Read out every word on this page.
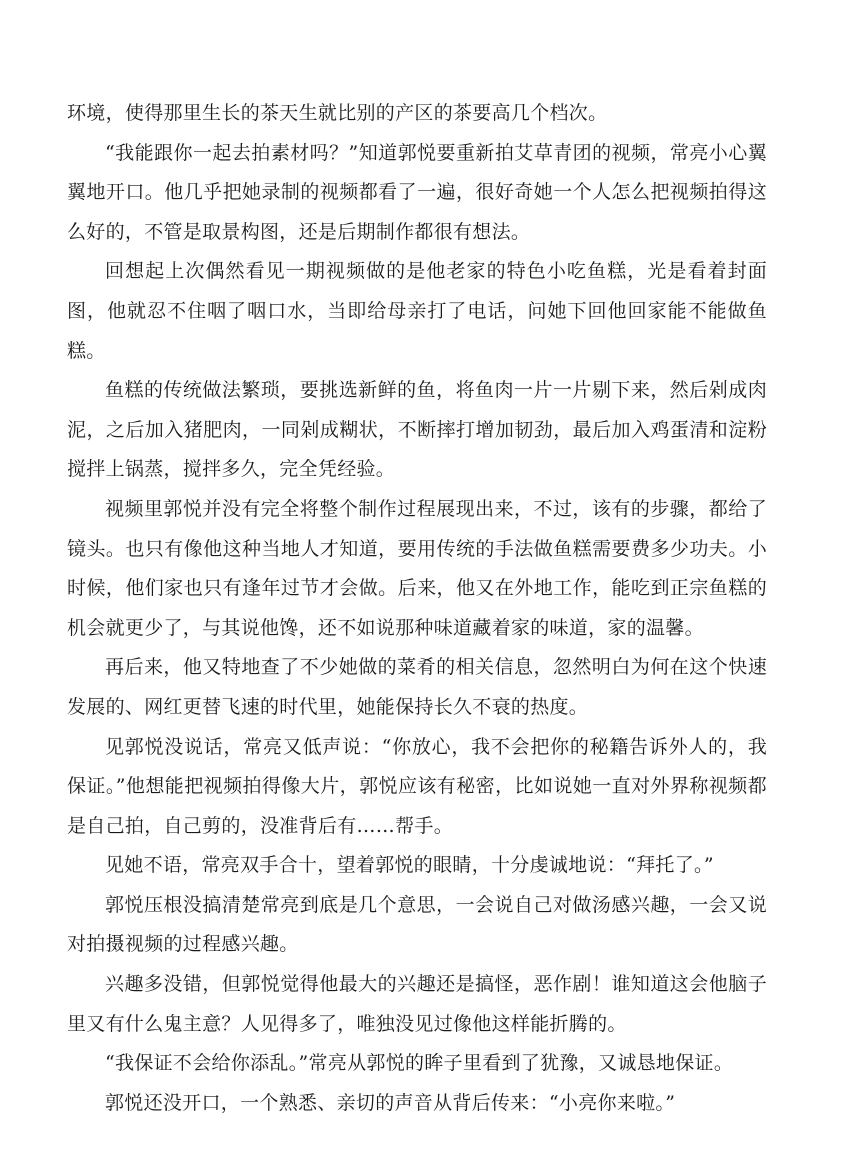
环境，使得那里生长的茶天生就比别的产区的茶要高几个档次。

“我能跟你一起去拍素材吗？”知道郭悦要重新拍艾草青团的视频，常亮小心翼翼地开口。他几乎把她录制的视频都看了一遍，很好奇她一个人怎么把视频拍得这么好的，不管是取景构图，还是后期制作都很有想法。

回想起上次偶然看见一期视频做的是他老家的特色小吃鱼糕，光是看着封面图，他就忍不住咽了咽口水，当即给母亲打了电话，问她下回他回家能不能做鱼糕。

鱼糕的传统做法繁琐，要挑选新鲜的鱼，将鱼肉一片一片剔下来，然后剁成肉泥，之后加入猪肥肉，一同剁成糊状，不断摔打增加韧劲，最后加入鸡蛋清和淀粉搅拌上锅蒸，搅拌多久，完全凭经验。

视频里郭悦并没有完全将整个制作过程展现出来，不过，该有的步骤，都给了镜头。也只有像他这种当地人才知道，要用传统的手法做鱼糕需要费多少功夫。小时候，他们家也只有逢年过节才会做。后来，他又在外地工作，能吃到正宗鱼糕的机会就更少了，与其说他馋，还不如说那种味道藏着家的味道，家的温馨。

再后来，他又特地查了不少她做的菜肴的相关信息，忽然明白为何在这个快速发展的、网红更替飞速的时代里，她能保持长久不衰的热度。

见郭悦没说话，常亮又低声说：“你放心，我不会把你的秘籍告诉外人的，我保证。”他想能把视频拍得像大片，郭悦应该有秘密，比如说她一直对外界称视频都是自己拍，自己剪的，没准背后有……帮手。

见她不语，常亮双手合十，望着郭悦的眼睛，十分虔诚地说：“拜托了。”

郭悦压根没搞清楚常亮到底是几个意思，一会说自己对做汤感兴趣，一会又说对拍摄视频的过程感兴趣。

兴趣多没错，但郭悦觉得他最大的兴趣还是搞怪，恶作剧！谁知道这会他脑子里又有什么鬼主意？人见得多了，唯独没见过像他这样能折腾的。

“我保证不会给你添乱。”常亮从郭悦的眸子里看到了犹豫，又诚恳地保证。

郭悦还没开口，一个熟悉、亲切的声音从背后传来：“小亮你来啦。”
